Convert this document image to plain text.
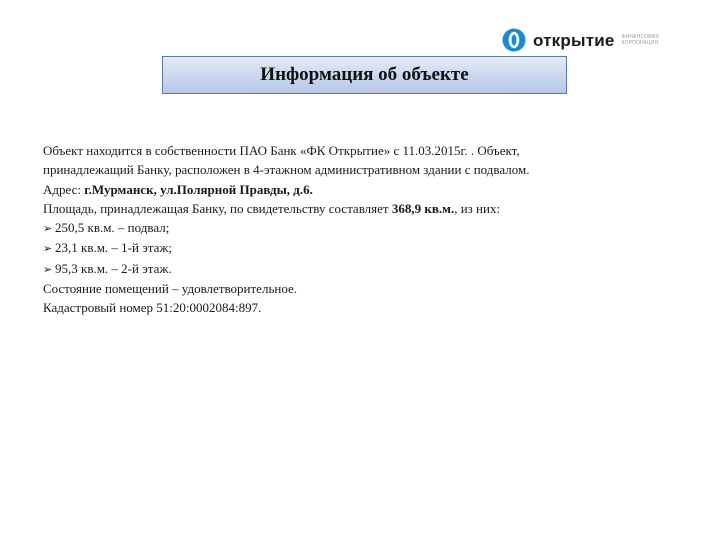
открытие ФИНАНСОВАЯ
КОРПОРАЦИЯ
Информация об объекте
Объект находится в собственности ПАО Банк «ФК Открытие» с 11.03.2015г. . Объект,
принадлежащий Банку, расположен в 4-этажном административном здании с подвалом.
Адрес: г.Мурманск, ул.Полярной Правды, д.6.
Площадь, принадлежащая Банку, по свидетельству составляет 368,9 кв.м., из них:
➢ 250,5 кв.м. – подвал;
➢ 23,1 кв.м. – 1-й этаж;
➢ 95,3 кв.м. – 2-й этаж.
Состояние помещений – удовлетворительное.
Кадастровый номер 51:20:0002084:897.
